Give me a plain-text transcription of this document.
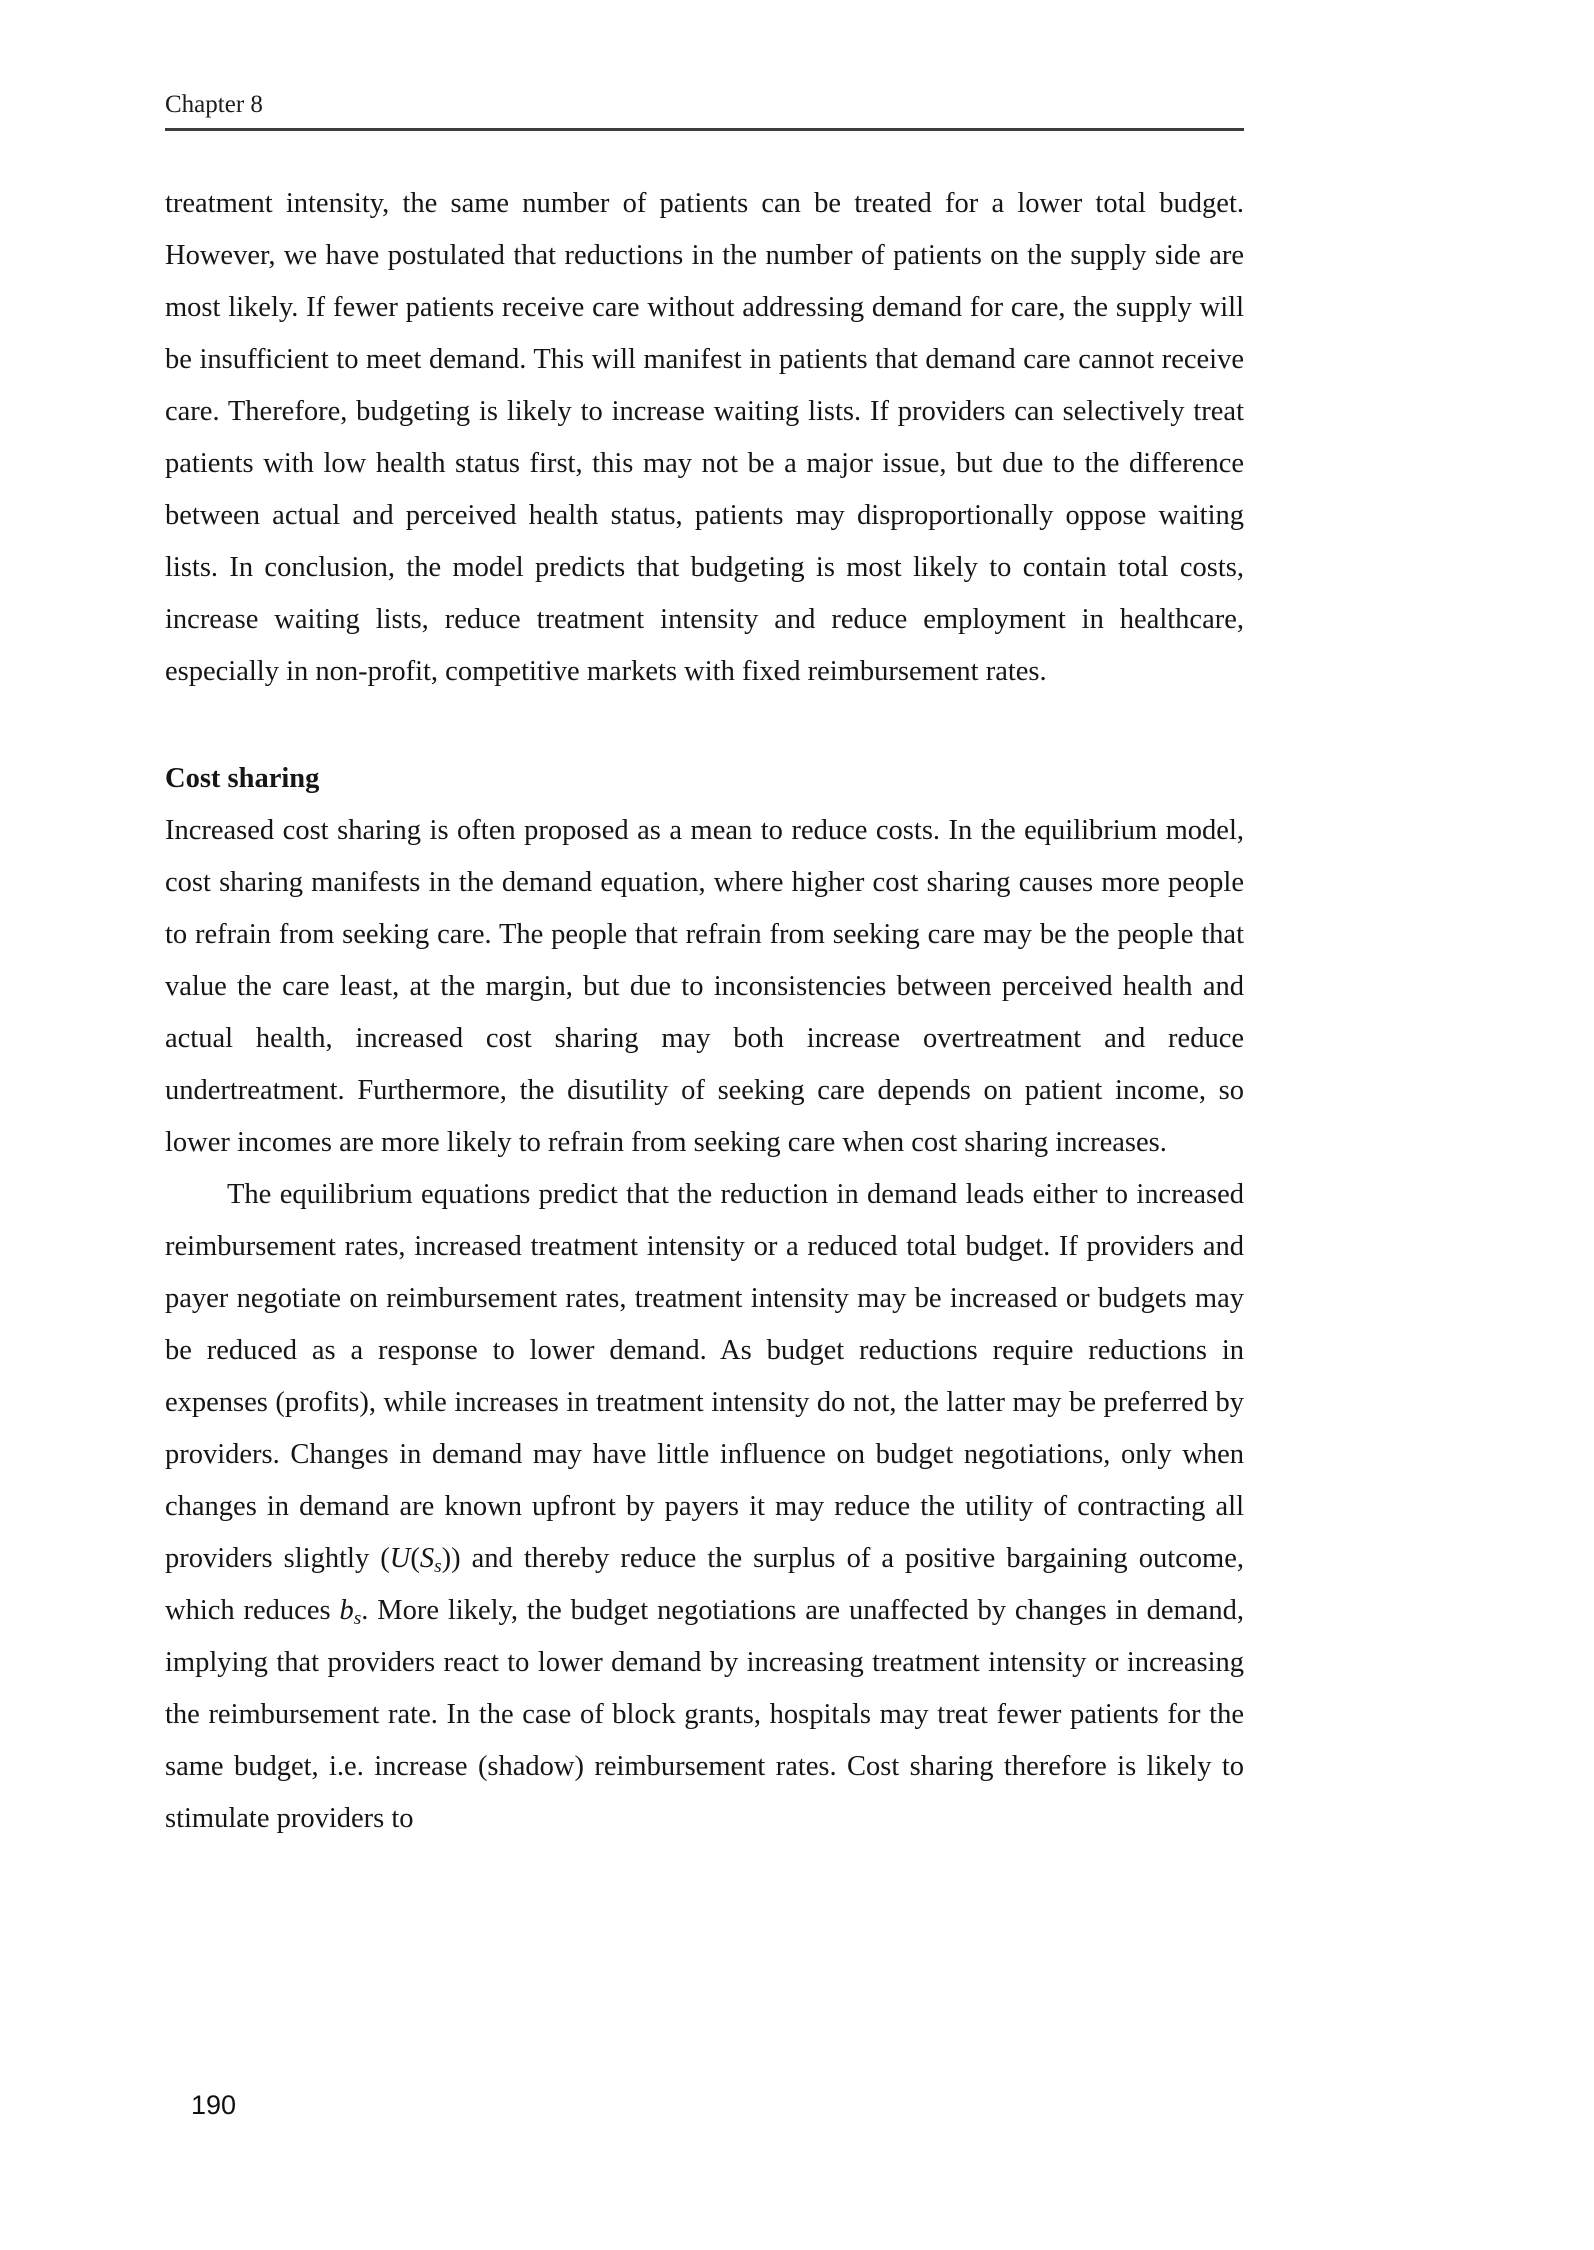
Chapter 8

treatment intensity, the same number of patients can be treated for a lower total budget. However, we have postulated that reductions in the number of patients on the supply side are most likely. If fewer patients receive care without addressing demand for care, the supply will be insufficient to meet demand. This will manifest in patients that demand care cannot receive care. Therefore, budgeting is likely to increase waiting lists. If providers can selectively treat patients with low health status first, this may not be a major issue, but due to the difference between actual and perceived health status, patients may disproportionally oppose waiting lists. In conclusion, the model predicts that budgeting is most likely to contain total costs, increase waiting lists, reduce treatment intensity and reduce employment in healthcare, especially in non-profit, competitive markets with fixed reimbursement rates.

Cost sharing

Increased cost sharing is often proposed as a mean to reduce costs. In the equilibrium model, cost sharing manifests in the demand equation, where higher cost sharing causes more people to refrain from seeking care. The people that refrain from seeking care may be the people that value the care least, at the margin, but due to inconsistencies between perceived health and actual health, increased cost sharing may both increase overtreatment and reduce undertreatment. Furthermore, the disutility of seeking care depends on patient income, so lower incomes are more likely to refrain from seeking care when cost sharing increases.

The equilibrium equations predict that the reduction in demand leads either to increased reimbursement rates, increased treatment intensity or a reduced total budget. If providers and payer negotiate on reimbursement rates, treatment intensity may be increased or budgets may be reduced as a response to lower demand. As budget reductions require reductions in expenses (profits), while increases in treatment intensity do not, the latter may be preferred by providers. Changes in demand may have little influence on budget negotiations, only when changes in demand are known upfront by payers it may reduce the utility of contracting all providers slightly $(U(S_s))$ and thereby reduce the surplus of a positive bargaining outcome, which reduces $b_s$. More likely, the budget negotiations are unaffected by changes in demand, implying that providers react to lower demand by increasing treatment intensity or increasing the reimbursement rate. In the case of block grants, hospitals may treat fewer patients for the same budget, i.e. increase (shadow) reimbursement rates. Cost sharing therefore is likely to stimulate providers to

190
